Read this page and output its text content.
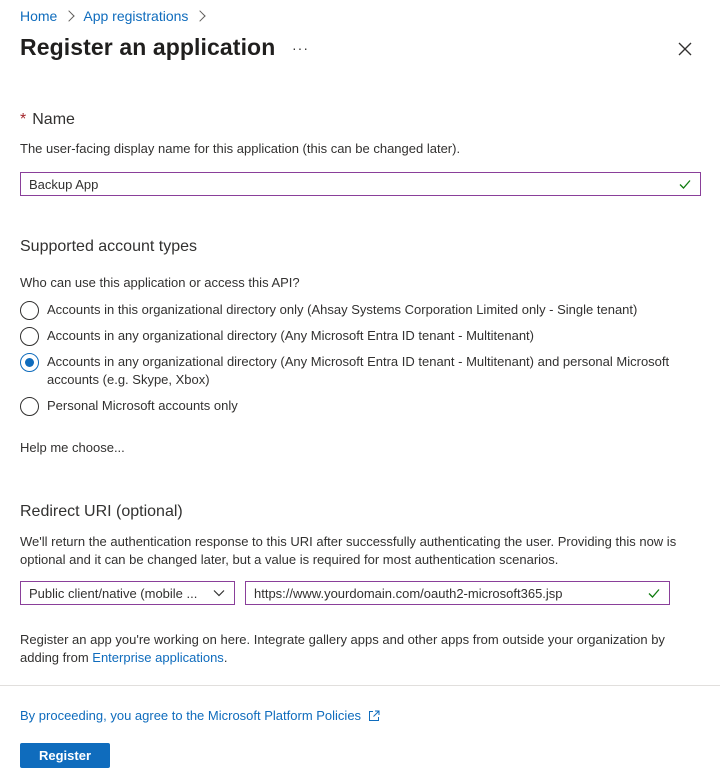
Home App registrations
Register an application ···
* Name
The user-facing display name for this application (this can be changed later).
Backup App
Supported account types
Who can use this application or access this API?
Accounts in this organizational directory only (Ahsay Systems Corporation Limited only - Single tenant)
Accounts in any organizational directory (Any Microsoft Entra ID tenant - Multitenant)
Accounts in any organizational directory (Any Microsoft Entra ID tenant - Multitenant) and personal Microsoft accounts (e.g. Skype, Xbox)
Personal Microsoft accounts only
Help me choose...
Redirect URI (optional)
We'll return the authentication response to this URI after successfully authenticating the user. Providing this now is optional and it can be changed later, but a value is required for most authentication scenarios.
Public client/native (mobile ...	https://www.yourdomain.com/oauth2-microsoft365.jsp
Register an app you're working on here. Integrate gallery apps and other apps from outside your organization by adding from Enterprise applications.
By proceeding, you agree to the Microsoft Platform Policies
Register
